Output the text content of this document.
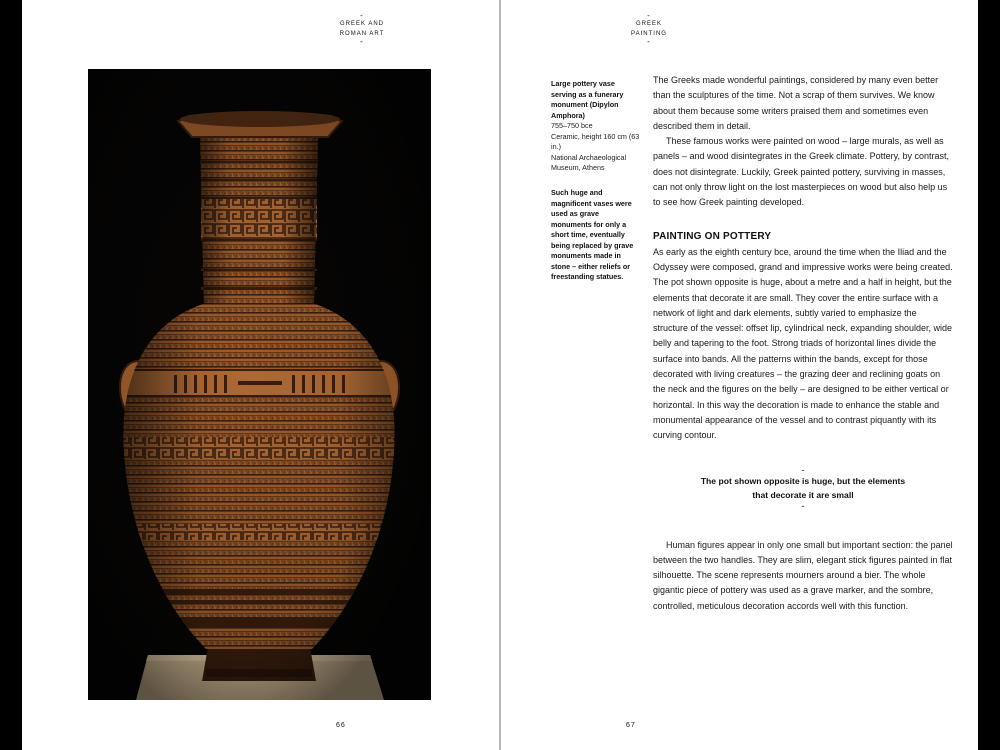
-
GREEK AND
ROMAN ART
-
66
-
GREEK
PAINTING
-
Large pottery vase serving as a funerary monument (Dipylon Amphora)
755–750 bce
Ceramic, height 160 cm (63 in.)
National Archaeological Museum, Athens
Such huge and magnificent vases were used as grave monuments for only a short time, eventually being replaced by grave monuments made in stone – either reliefs or freestanding statues.

The Greeks made wonderful paintings, considered by many even better than the sculptures of the time. Not a scrap of them survives. We know about them because some writers praised them and sometimes even described them in detail.

These famous works were painted on wood – large murals, as well as panels – and wood disintegrates in the Greek climate. Pottery, by contrast, does not disintegrate. Luckily, Greek painted pottery, surviving in masses, can not only throw light on the lost masterpieces on wood but also help us to see how Greek painting developed.

PAINTING ON POTTERY

As early as the eighth century bce, around the time when the Iliad and the Odyssey were composed, grand and impressive works were being created. The pot shown opposite is huge, about a metre and a half in height, but the elements that decorate it are small. They cover the entire surface with a network of light and dark elements, subtly varied to emphasize the structure of the vessel: offset lip, cylindrical neck, expanding shoulder, wide belly and tapering to the foot. Strong triads of horizontal lines divide the surface into bands. All the patterns within the bands, except for those decorated with living creatures – the grazing deer and reclining goats on the neck and the figures on the belly – are designed to be either vertical or horizontal. In this way the decoration is made to enhance the stable and monumental appearance of the vessel and to contrast piquantly with its curving contour.

-
The pot shown opposite is huge, but the elements
that decorate it are small
-

Human figures appear in only one small but important section: the panel between the two handles. They are slim, elegant stick figures painted in flat silhouette. The scene represents mourners around a bier. The whole gigantic piece of pottery was used as a grave marker, and the sombre, controlled, meticulous decoration accords well with this function.

67
